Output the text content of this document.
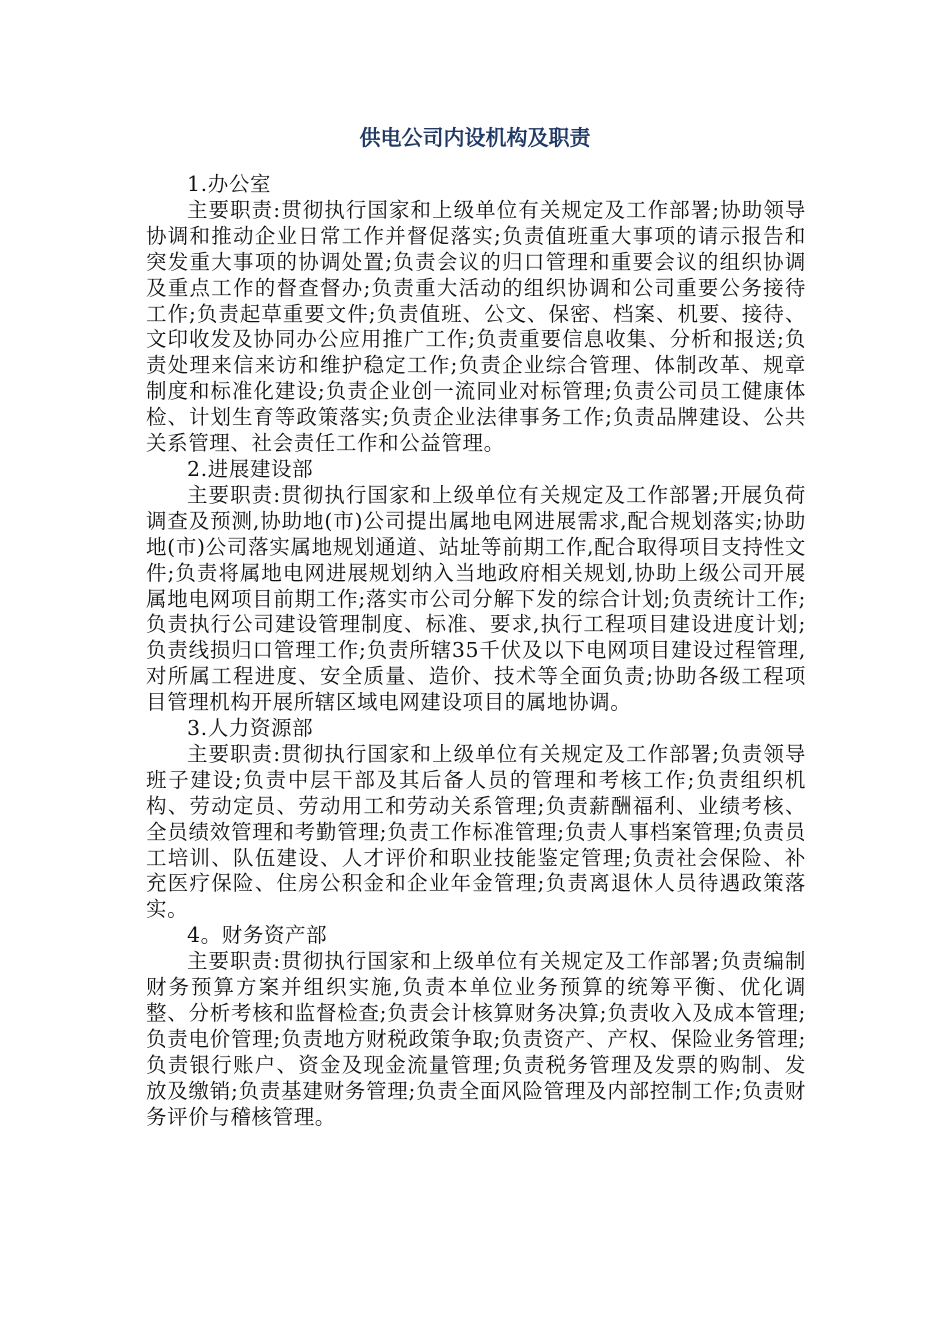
供电公司内设机构及职责

1.办公室

主要职责:贯彻执行国家和上级单位有关规定及工作部署;协助领导协调和推动企业日常工作并督促落实;负责值班重大事项的请示报告和突发重大事项的协调处置;负责会议的归口管理和重要会议的组织协调及重点工作的督查督办;负责重大活动的组织协调和公司重要公务接待工作;负责起草重要文件;负责值班、公文、保密、档案、机要、接待、文印收发及协同办公应用推广工作;负责重要信息收集、分析和报送;负责处理来信来访和维护稳定工作;负责企业综合管理、体制改革、规章制度和标准化建设;负责企业创一流同业对标管理;负责公司员工健康体检、计划生育等政策落实;负责企业法律事务工作;负责品牌建设、公共关系管理、社会责任工作和公益管理。

2.进展建设部

主要职责:贯彻执行国家和上级单位有关规定及工作部署;开展负荷调查及预测,协助地(市)公司提出属地电网进展需求,配合规划落实;协助地(市)公司落实属地规划通道、站址等前期工作,配合取得项目支持性文件;负责将属地电网进展规划纳入当地政府相关规划,协助上级公司开展属地电网项目前期工作;落实市公司分解下发的综合计划;负责统计工作;负责执行公司建设管理制度、标准、要求,执行工程项目建设进度计划;负责线损归口管理工作;负责所辖35千伏及以下电网项目建设过程管理,对所属工程进度、安全质量、造价、技术等全面负责;协助各级工程项目管理机构开展所辖区域电网建设项目的属地协调。

3.人力资源部

主要职责:贯彻执行国家和上级单位有关规定及工作部署;负责领导班子建设;负责中层干部及其后备人员的管理和考核工作;负责组织机构、劳动定员、劳动用工和劳动关系管理;负责薪酬福利、业绩考核、全员绩效管理和考勤管理;负责工作标准管理;负责人事档案管理;负责员工培训、队伍建设、人才评价和职业技能鉴定管理;负责社会保险、补充医疗保险、住房公积金和企业年金管理;负责离退休人员待遇政策落实。

4。财务资产部

主要职责:贯彻执行国家和上级单位有关规定及工作部署;负责编制财务预算方案并组织实施,负责本单位业务预算的统筹平衡、优化调整、分析考核和监督检查;负责会计核算财务决算;负责收入及成本管理;负责电价管理;负责地方财税政策争取;负责资产、产权、保险业务管理;负责银行账户、资金及现金流量管理;负责税务管理及发票的购制、发放及缴销;负责基建财务管理;负责全面风险管理及内部控制工作;负责财务评价与稽核管理。
